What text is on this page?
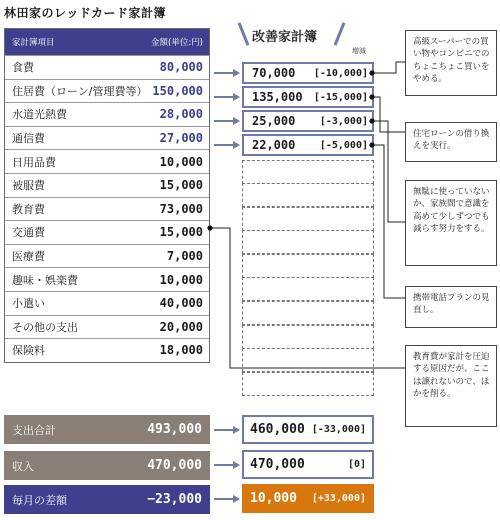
林田家のレッドカード家計簿
家計簿項目	金額(単位:円)
食費	80,000
住居費（ローン/管理費等） 150,000
水道光熱費	28,000
通信費	27,000
日用品費	10,000
被服費	15,000
教育費	73,000
交通費	15,000
医療費	7,000
趣味・娯楽費	10,000
小遣い	40,000
その他の支出	20,000
保険料	18,000
改善家計簿
増減
70,000	[-10,000]
135,000	[-15,000]
25,000	[-3,000]
22,000	[-5,000]
高級スーパーでの買い物やコンビニでのちょこちょこ買いをやめる。
住宅ローンの借り換えを実行。
無駄に使っていないか、家族間で意識を高めて少しずつでも減らす努力をする。
携帯電話プランの見直し。
教育費が家計を圧迫する原因だが、ここは譲れないので、ほかを削る。
支出合計	493,000
収入	470,000
毎月の差額	−23,000
460,000 [-33,000]
470,000	[0]
10,000	[+33,000]
